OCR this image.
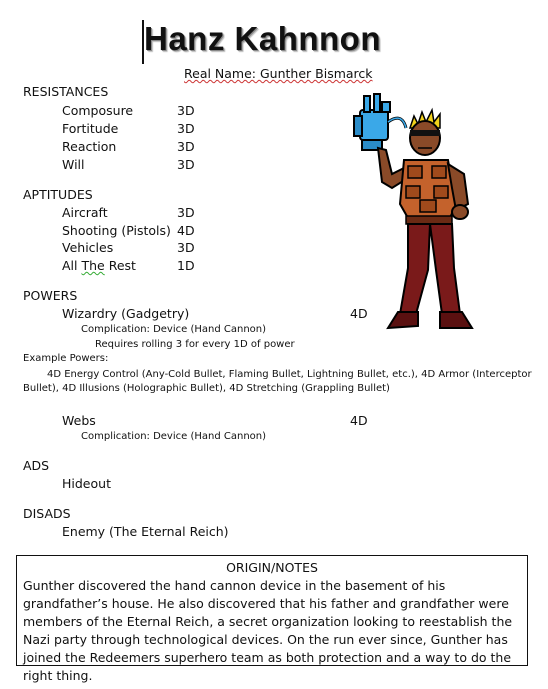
Hanz Kahnnon
Real Name: Gunther Bismarck
RESISTANCES
Composure	3D
Fortitude	3D
Reaction	3D
Will	3D
APTITUDES
Aircraft	3D
Shooting (Pistols) 4D
Vehicles	3D
All The Rest	1D
POWERS
Wizardry (Gadgetry)	4D
Complication: Device (Hand Cannon)
Requires rolling 3 for every 1D of power
Example Powers:
4D Energy Control (Any-Cold Bullet, Flaming Bullet, Lightning Bullet, etc.), 4D Armor (Interceptor Bullet), 4D Illusions (Holographic Bullet), 4D Stretching (Grappling Bullet)
Webs	4D
Complication: Device (Hand Cannon)
ADS
Hideout
DISADS
Enemy (The Eternal Reich)
ORIGIN/NOTES
Gunther discovered the hand cannon device in the basement of his grandfather’s house. He also discovered that his father and grandfather were members of the Eternal Reich, a secret organization looking to reestablish the Nazi party through technological devices. On the run ever since, Gunther has joined the Redeemers superhero team as both protection and a way to do the right thing.
